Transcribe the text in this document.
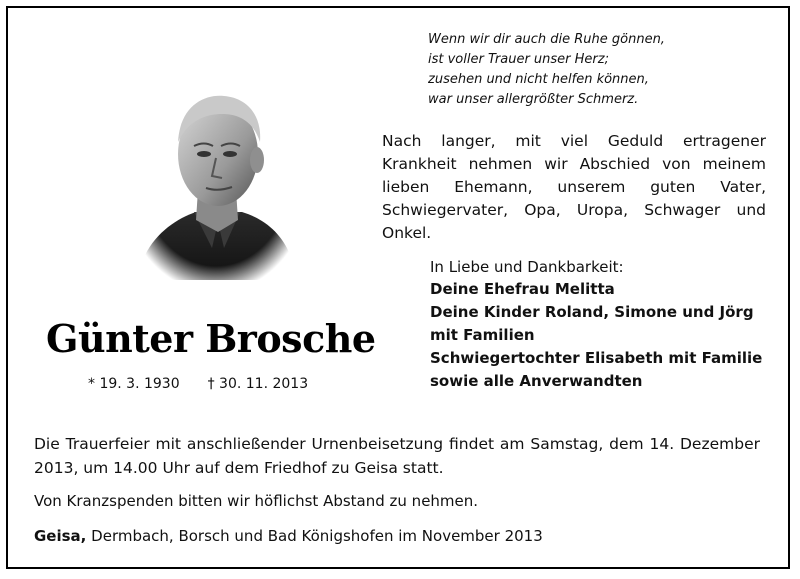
Wenn wir dir auch die Ruhe gönnen,
ist voller Trauer unser Herz;
zusehen und nicht helfen können,
war unser allergrößter Schmerz.
Nach langer, mit viel Geduld ertragener Krankheit nehmen wir Abschied von meinem lieben Ehemann, unserem guten Vater, Schwiegervater, Opa, Uropa, Schwager und Onkel.
In Liebe und Dankbarkeit:
Deine Ehefrau Melitta
Deine Kinder Roland, Simone und Jörg
mit Familien
Schwiegertochter Elisabeth mit Familie
sowie alle Anverwandten
Günter Brosche
* 19. 3. 1930 † 30. 11. 2013
Die Trauerfeier mit anschließender Urnenbeisetzung findet am Samstag, dem 14. Dezember 2013, um 14.00 Uhr auf dem Friedhof zu Geisa statt.
Von Kranzspenden bitten wir höflichst Abstand zu nehmen.
Geisa, Dermbach, Borsch und Bad Königshofen im November 2013
